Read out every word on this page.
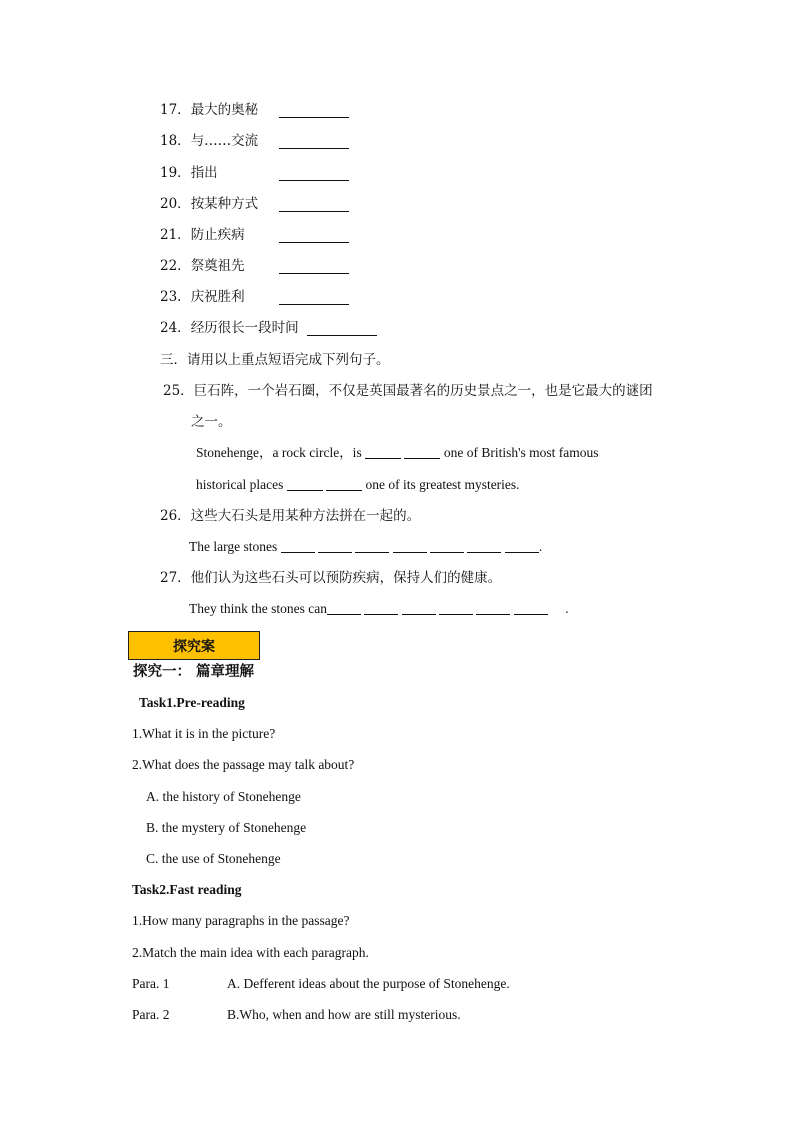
17．最大的奥秘
18．与……交流
19．指出
20．按某种方式
21．防止疾病
22．祭奠祖先
23．庆祝胜利
24．经历很长一段时间
三．请用以上重点短语完成下列句子。
25．巨石阵，一个岩石圈，不仅是英国最著名的历史景点之一，也是它最大的谜团
之一。
Stonehenge，a rock circle，is	one of British's most famous
historical places	one of its greatest mysteries.
26．这些大石头是用某种方法拼在一起的。
The large stones	.
27．他们认为这些石头可以预防疾病，保持人们的健康。
They think the stones can	.
探究案
探究一： 篇章理解
Task1.Pre-reading
1.What it is in the picture?
2.What does the passage may talk about?
A. the history of Stonehenge
B. the mystery of Stonehenge
C. the use of Stonehenge
Task2.Fast reading
1.How many paragraphs in the passage?
2.Match the main idea with each paragraph.
Para. 1	A. Defferent ideas about the purpose of Stonehenge.
Para. 2	B.Who, when and how are still mysterious.
